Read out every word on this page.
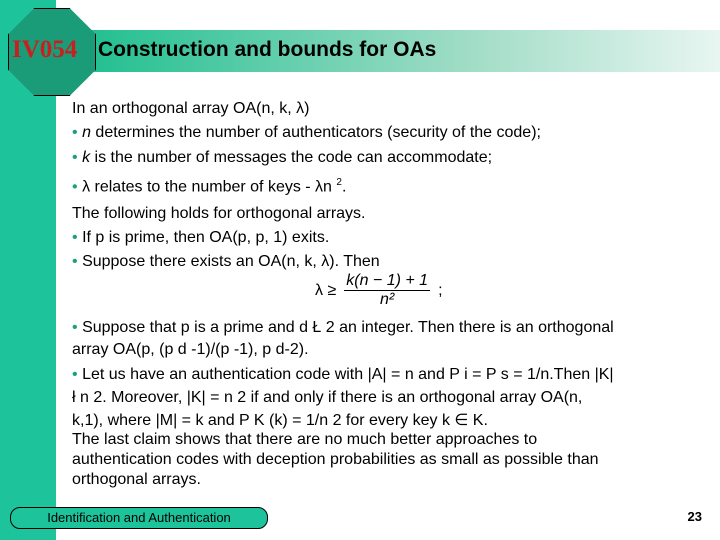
IV054 Construction and bounds for OAs
In an orthogonal array OA(n, k, λ)
• n determines the number of authenticators (security of the code);
• k is the number of messages the code can accommodate;
• λ relates to the number of keys - λn $^2$.
The following holds for orthogonal arrays.
• If p is prime, then OA(p, p, 1) exits.
• Suppose there exists an OA(n, k, λ). Then
$\lambda \ge \frac{k(n - 1) + 1}{\text{n²}}$ ;
• Suppose that p is a prime and d Ł 2 an integer. Then there is an orthogonal
array OA(p, (p d -1)/(p -1), p d-2).
• Let us have an authentication code with |A| = n and P i = P s = 1/n.Then |K|
ł n 2. Moreover, |K| = n 2 if and only if there is an orthogonal array OA(n,
k,1), where |M| = k and P K (k) = 1/n 2 for every key k ∈ K.
The last claim shows that there are no much better approaches to
authentication codes with deception probabilities as small as possible than
orthogonal arrays.
Identification and Authentication	23
